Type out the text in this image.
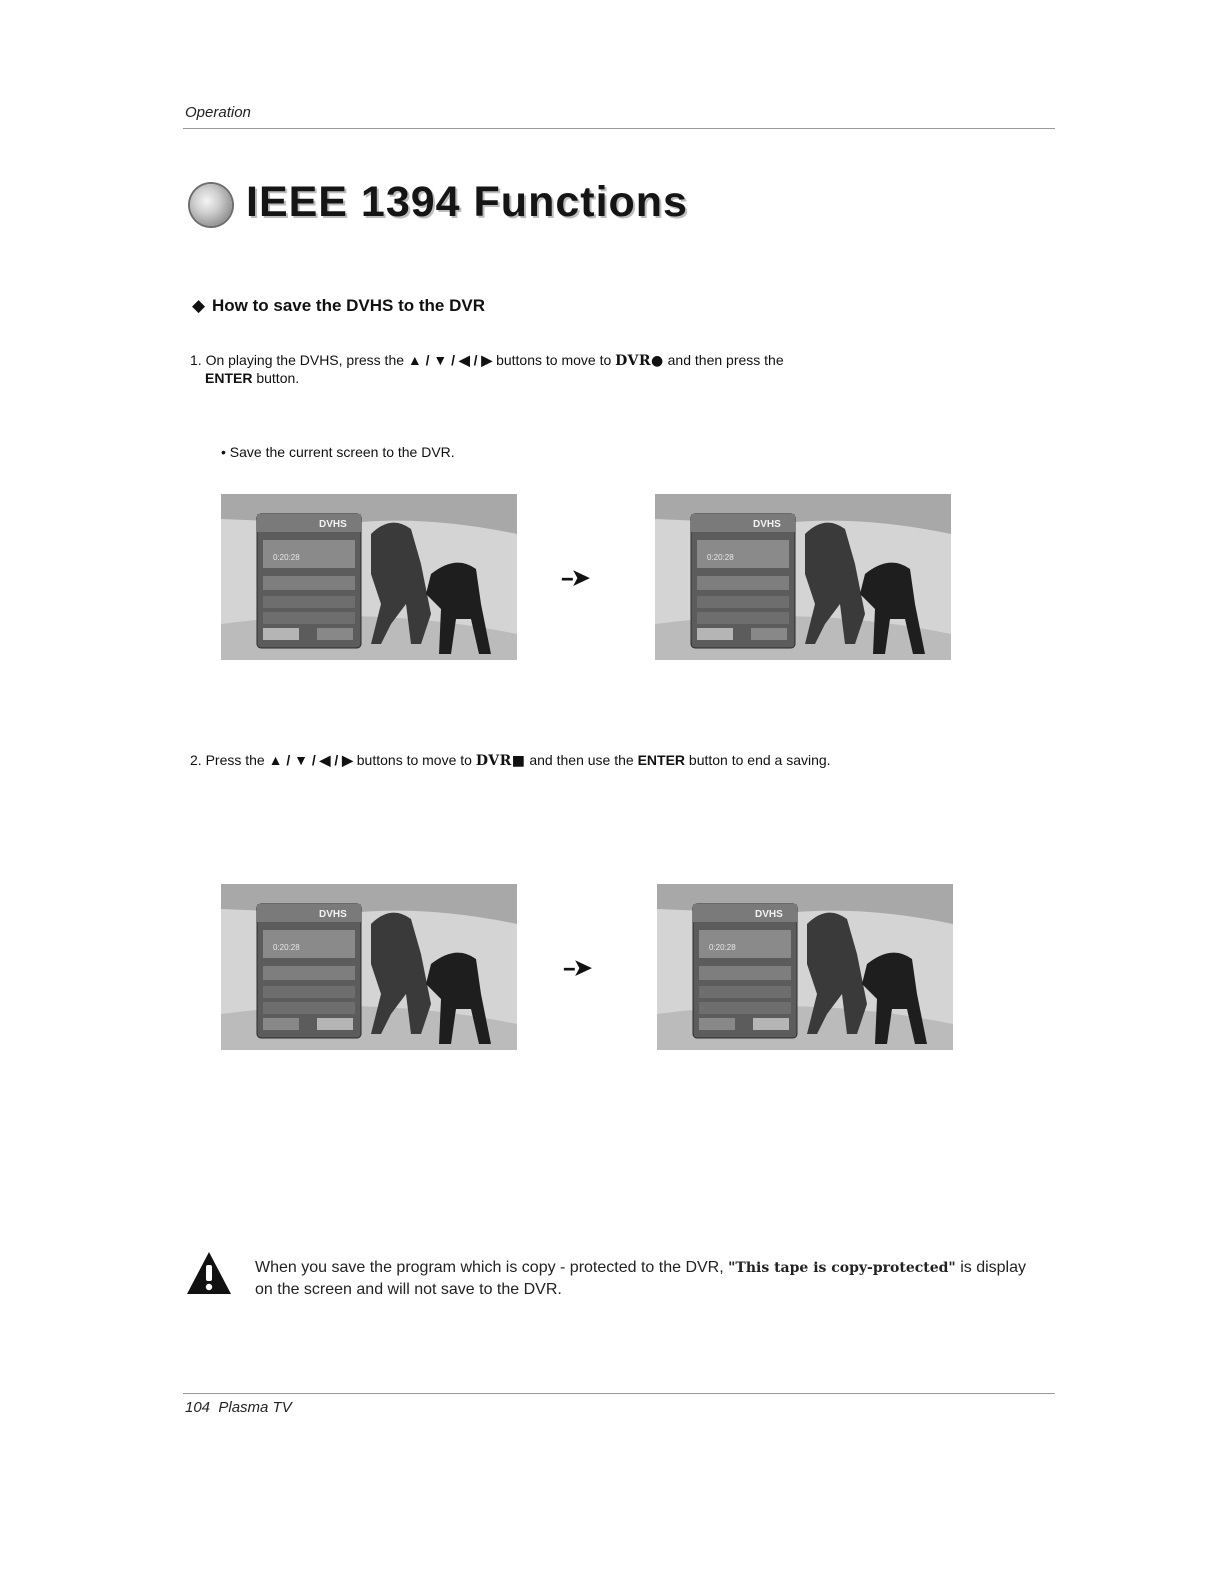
Operation
IEEE 1394 Functions
◆ How to save the DVHS to the DVR
1. On playing the DVHS, press the ▲ / ▼ / ◀ / ▶ buttons to move to DVR● and then press the
ENTER button.
• Save the current screen to the DVR.
DVHS
0:20:28
--➤
DVHS
0:20:28
2. Press the ▲ / ▼ / ◀ / ▶ buttons to move to DVR■ and then use the ENTER button to end a saving.
DVHS
0:20:28
--➤
DVHS
0:20:28
When you save the program which is copy - protected to the DVR, "This tape is copy-protected" is display on the screen and will not save to the DVR.
104 Plasma TV
